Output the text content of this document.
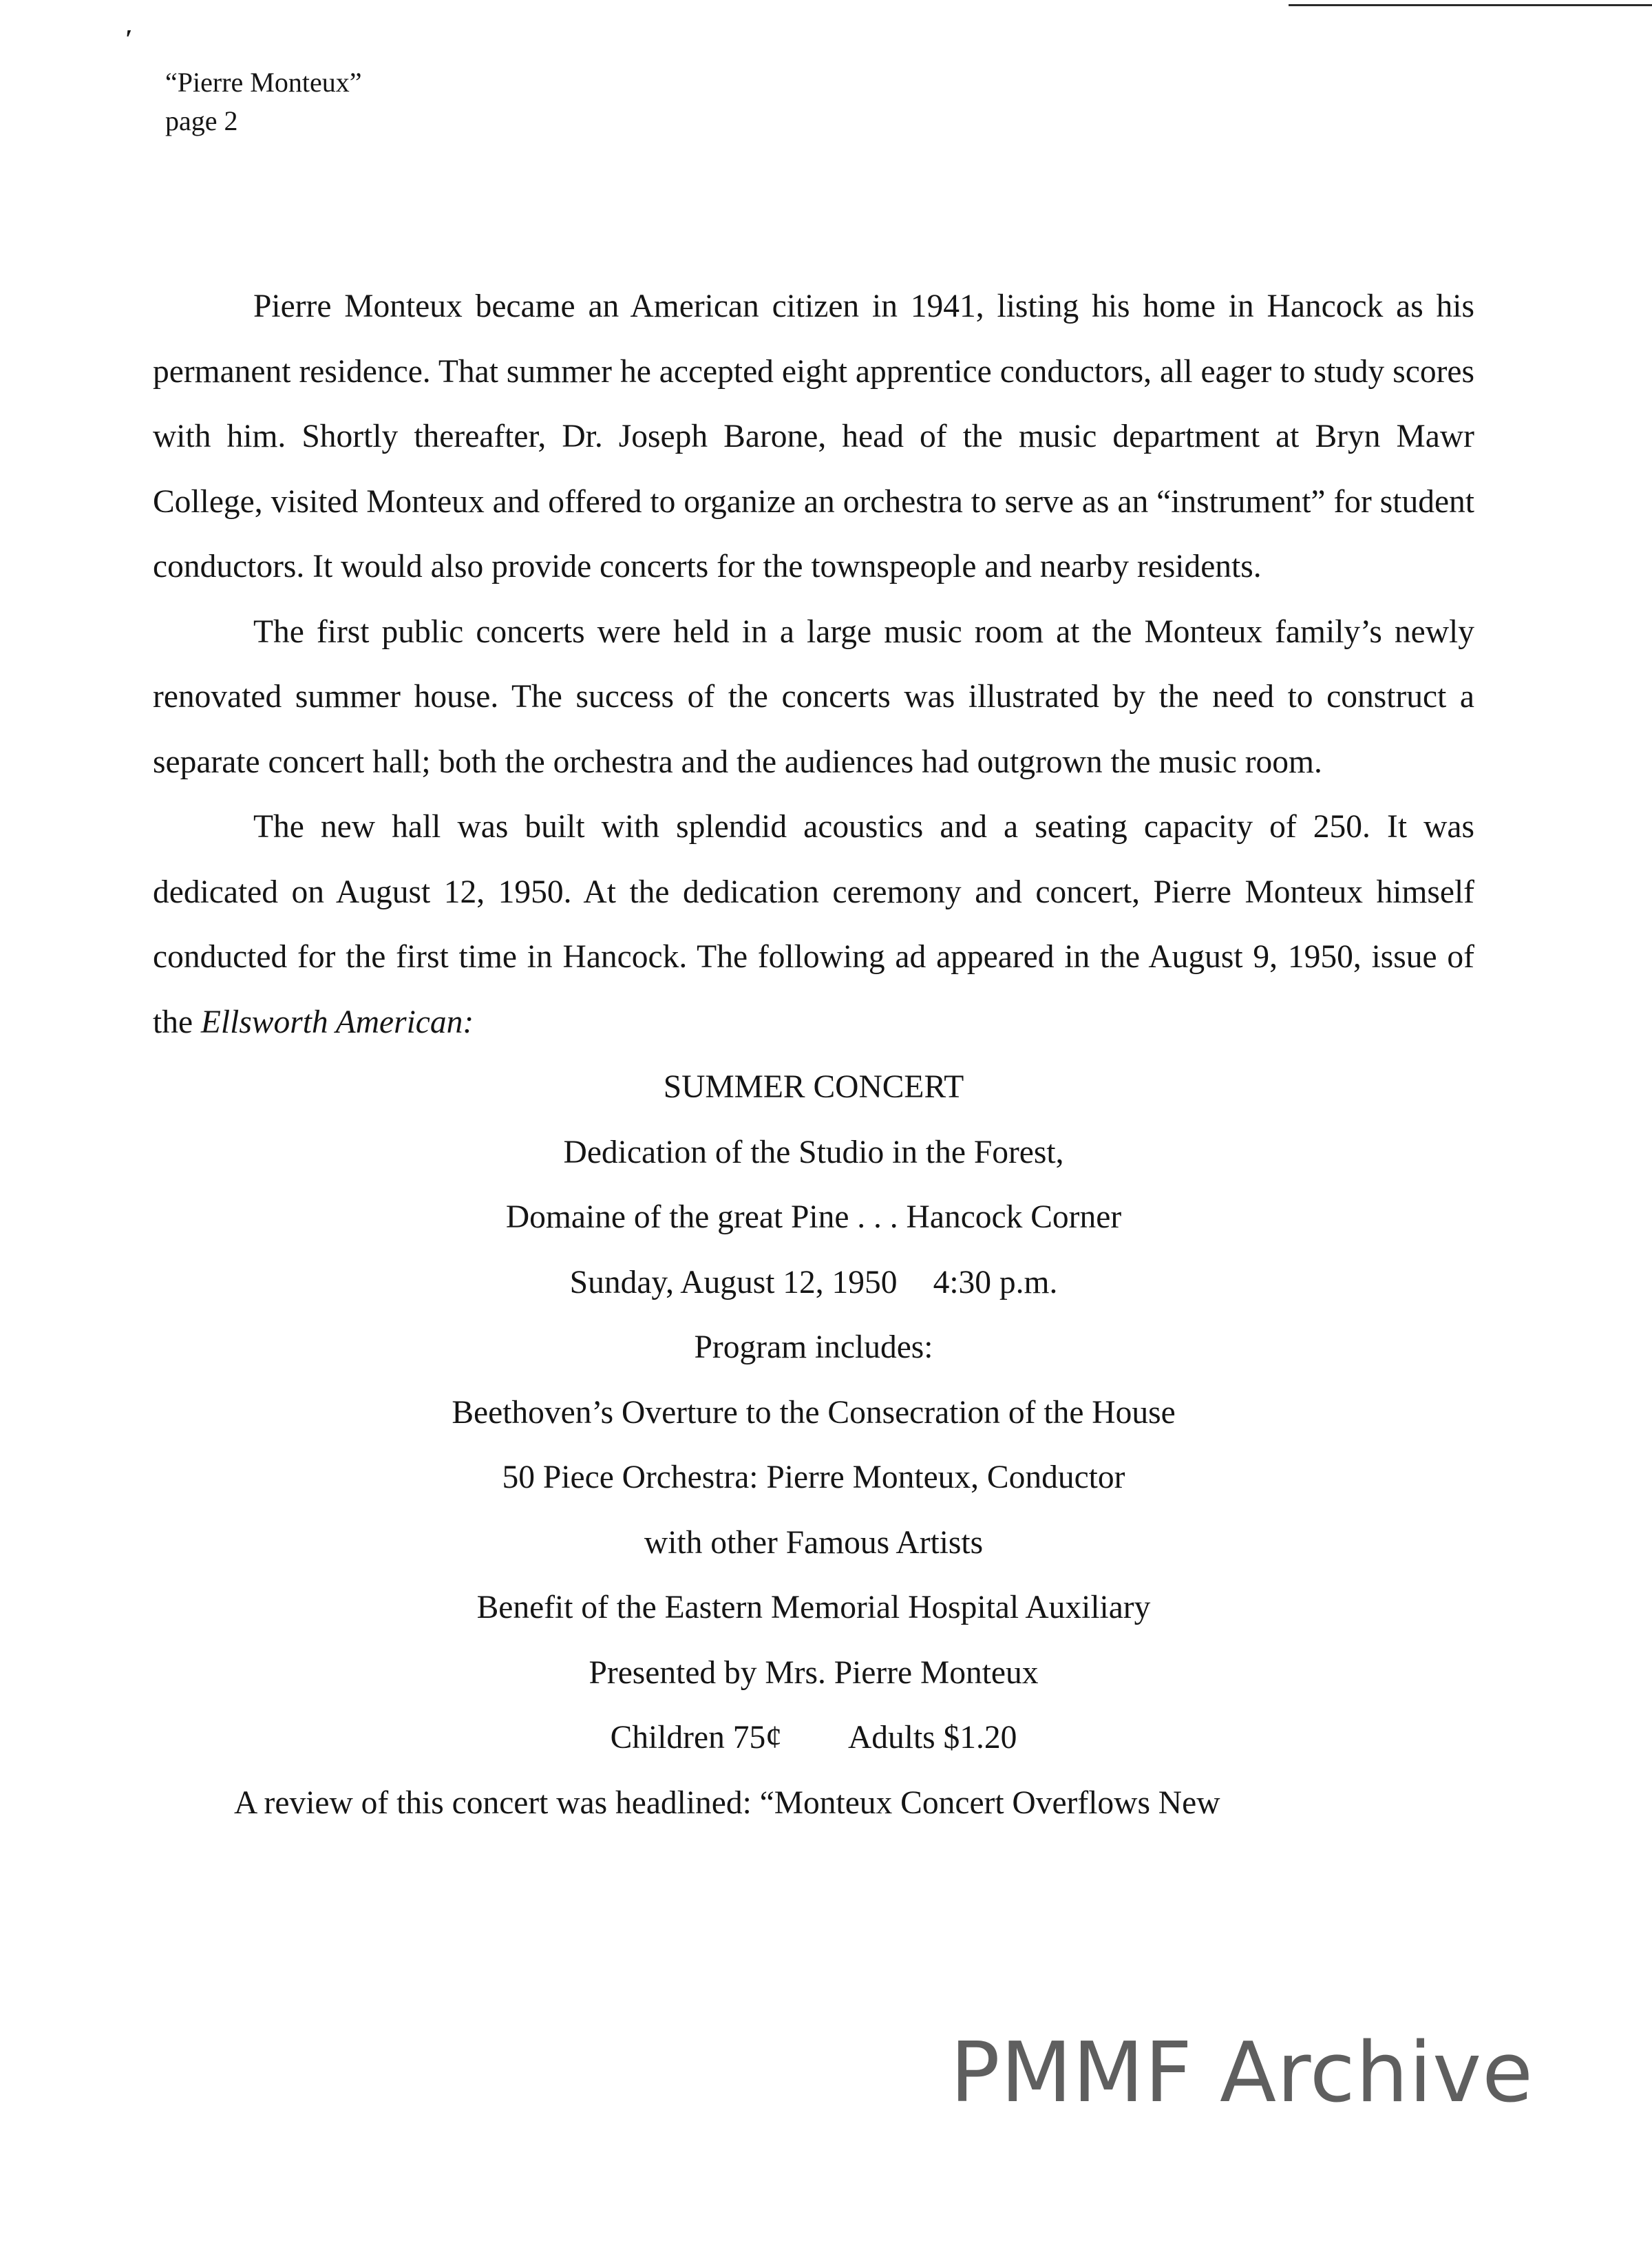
′
“Pierre Monteux”
page 2

Pierre Monteux became an American citizen in 1941, listing his home in Hancock as his permanent residence. That summer he accepted eight apprentice conductors, all eager to study scores with him. Shortly thereafter, Dr. Joseph Barone, head of the music department at Bryn Mawr College, visited Monteux and offered to organize an orchestra to serve as an “instrument” for student conductors. It would also provide concerts for the townspeople and nearby residents.

The first public concerts were held in a large music room at the Monteux family’s newly renovated summer house. The success of the concerts was illustrated by the need to construct a separate concert hall; both the orchestra and the audiences had outgrown the music room.

The new hall was built with splendid acoustics and a seating capacity of 250. It was dedicated on August 12, 1950. At the dedication ceremony and concert, Pierre Monteux himself conducted for the first time in Hancock. The following ad appeared in the August 9, 1950, issue of the Ellsworth American:

SUMMER CONCERT
Dedication of the Studio in the Forest,
Domaine of the great Pine . . . Hancock Corner
Sunday, August 12, 1950 4:30 p.m.
Program includes:
Beethoven’s Overture to the Consecration of the House
50 Piece Orchestra: Pierre Monteux, Conductor
with other Famous Artists
Benefit of the Eastern Memorial Hospital Auxiliary
Presented by Mrs. Pierre Monteux
Children 75¢ Adults $1.20

A review of this concert was headlined: “Monteux Concert Overflows New

PMMF Archive
